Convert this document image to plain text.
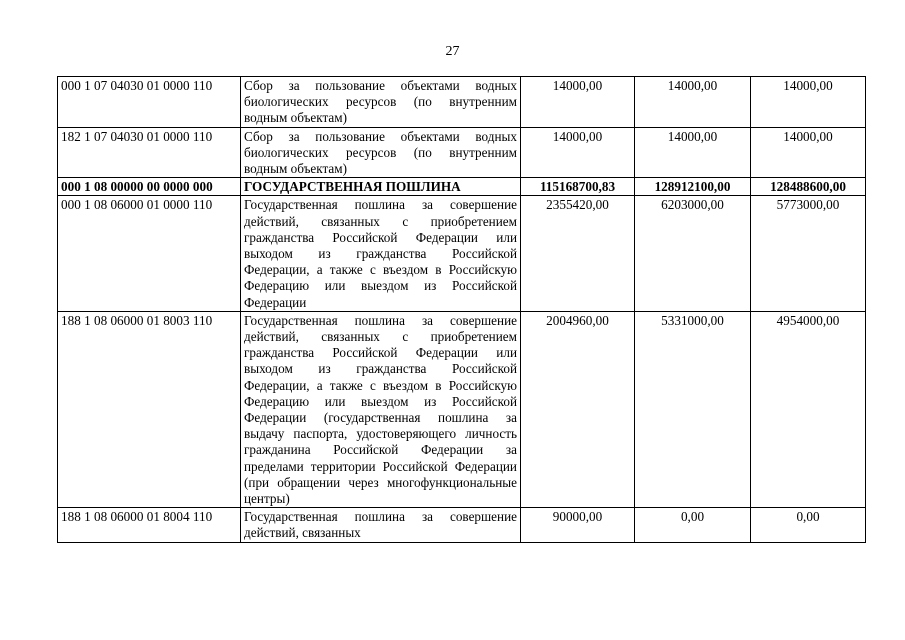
27
000 1 07 04030 01 0000 110	Сбор за пользование объектами водных биологических ресурсов (по внутренним водным объектам)	14000,00	14000,00	14000,00
182 1 07 04030 01 0000 110	Сбор за пользование объектами водных биологических ресурсов (по внутренним водным объектам)	14000,00	14000,00	14000,00
000 1 08 00000 00 0000 000	ГОСУДАРСТВЕННАЯ ПОШЛИНА	115168700,83	128912100,00	128488600,00
000 1 08 06000 01 0000 110	Государственная пошлина за совершение действий, связанных с приобретением гражданства Российской Федерации или выходом из гражданства Российской Федерации, а также с въездом в Российскую Федерацию или выездом из Российской Федерации	2355420,00	6203000,00	5773000,00
188 1 08 06000 01 8003 110	Государственная пошлина за совершение действий, связанных с приобретением гражданства Российской Федерации или выходом из гражданства Российской Федерации, а также с въездом в Российскую Федерацию или выездом из Российской Федерации (государственная пошлина за выдачу паспорта, удостоверяющего личность гражданина Российской Федерации за пределами территории Российской Федерации (при обращении через многофункциональные центры)	2004960,00	5331000,00	4954000,00
188 1 08 06000 01 8004 110	Государственная пошлина за совершение действий, связанных	90000,00	0,00	0,00
